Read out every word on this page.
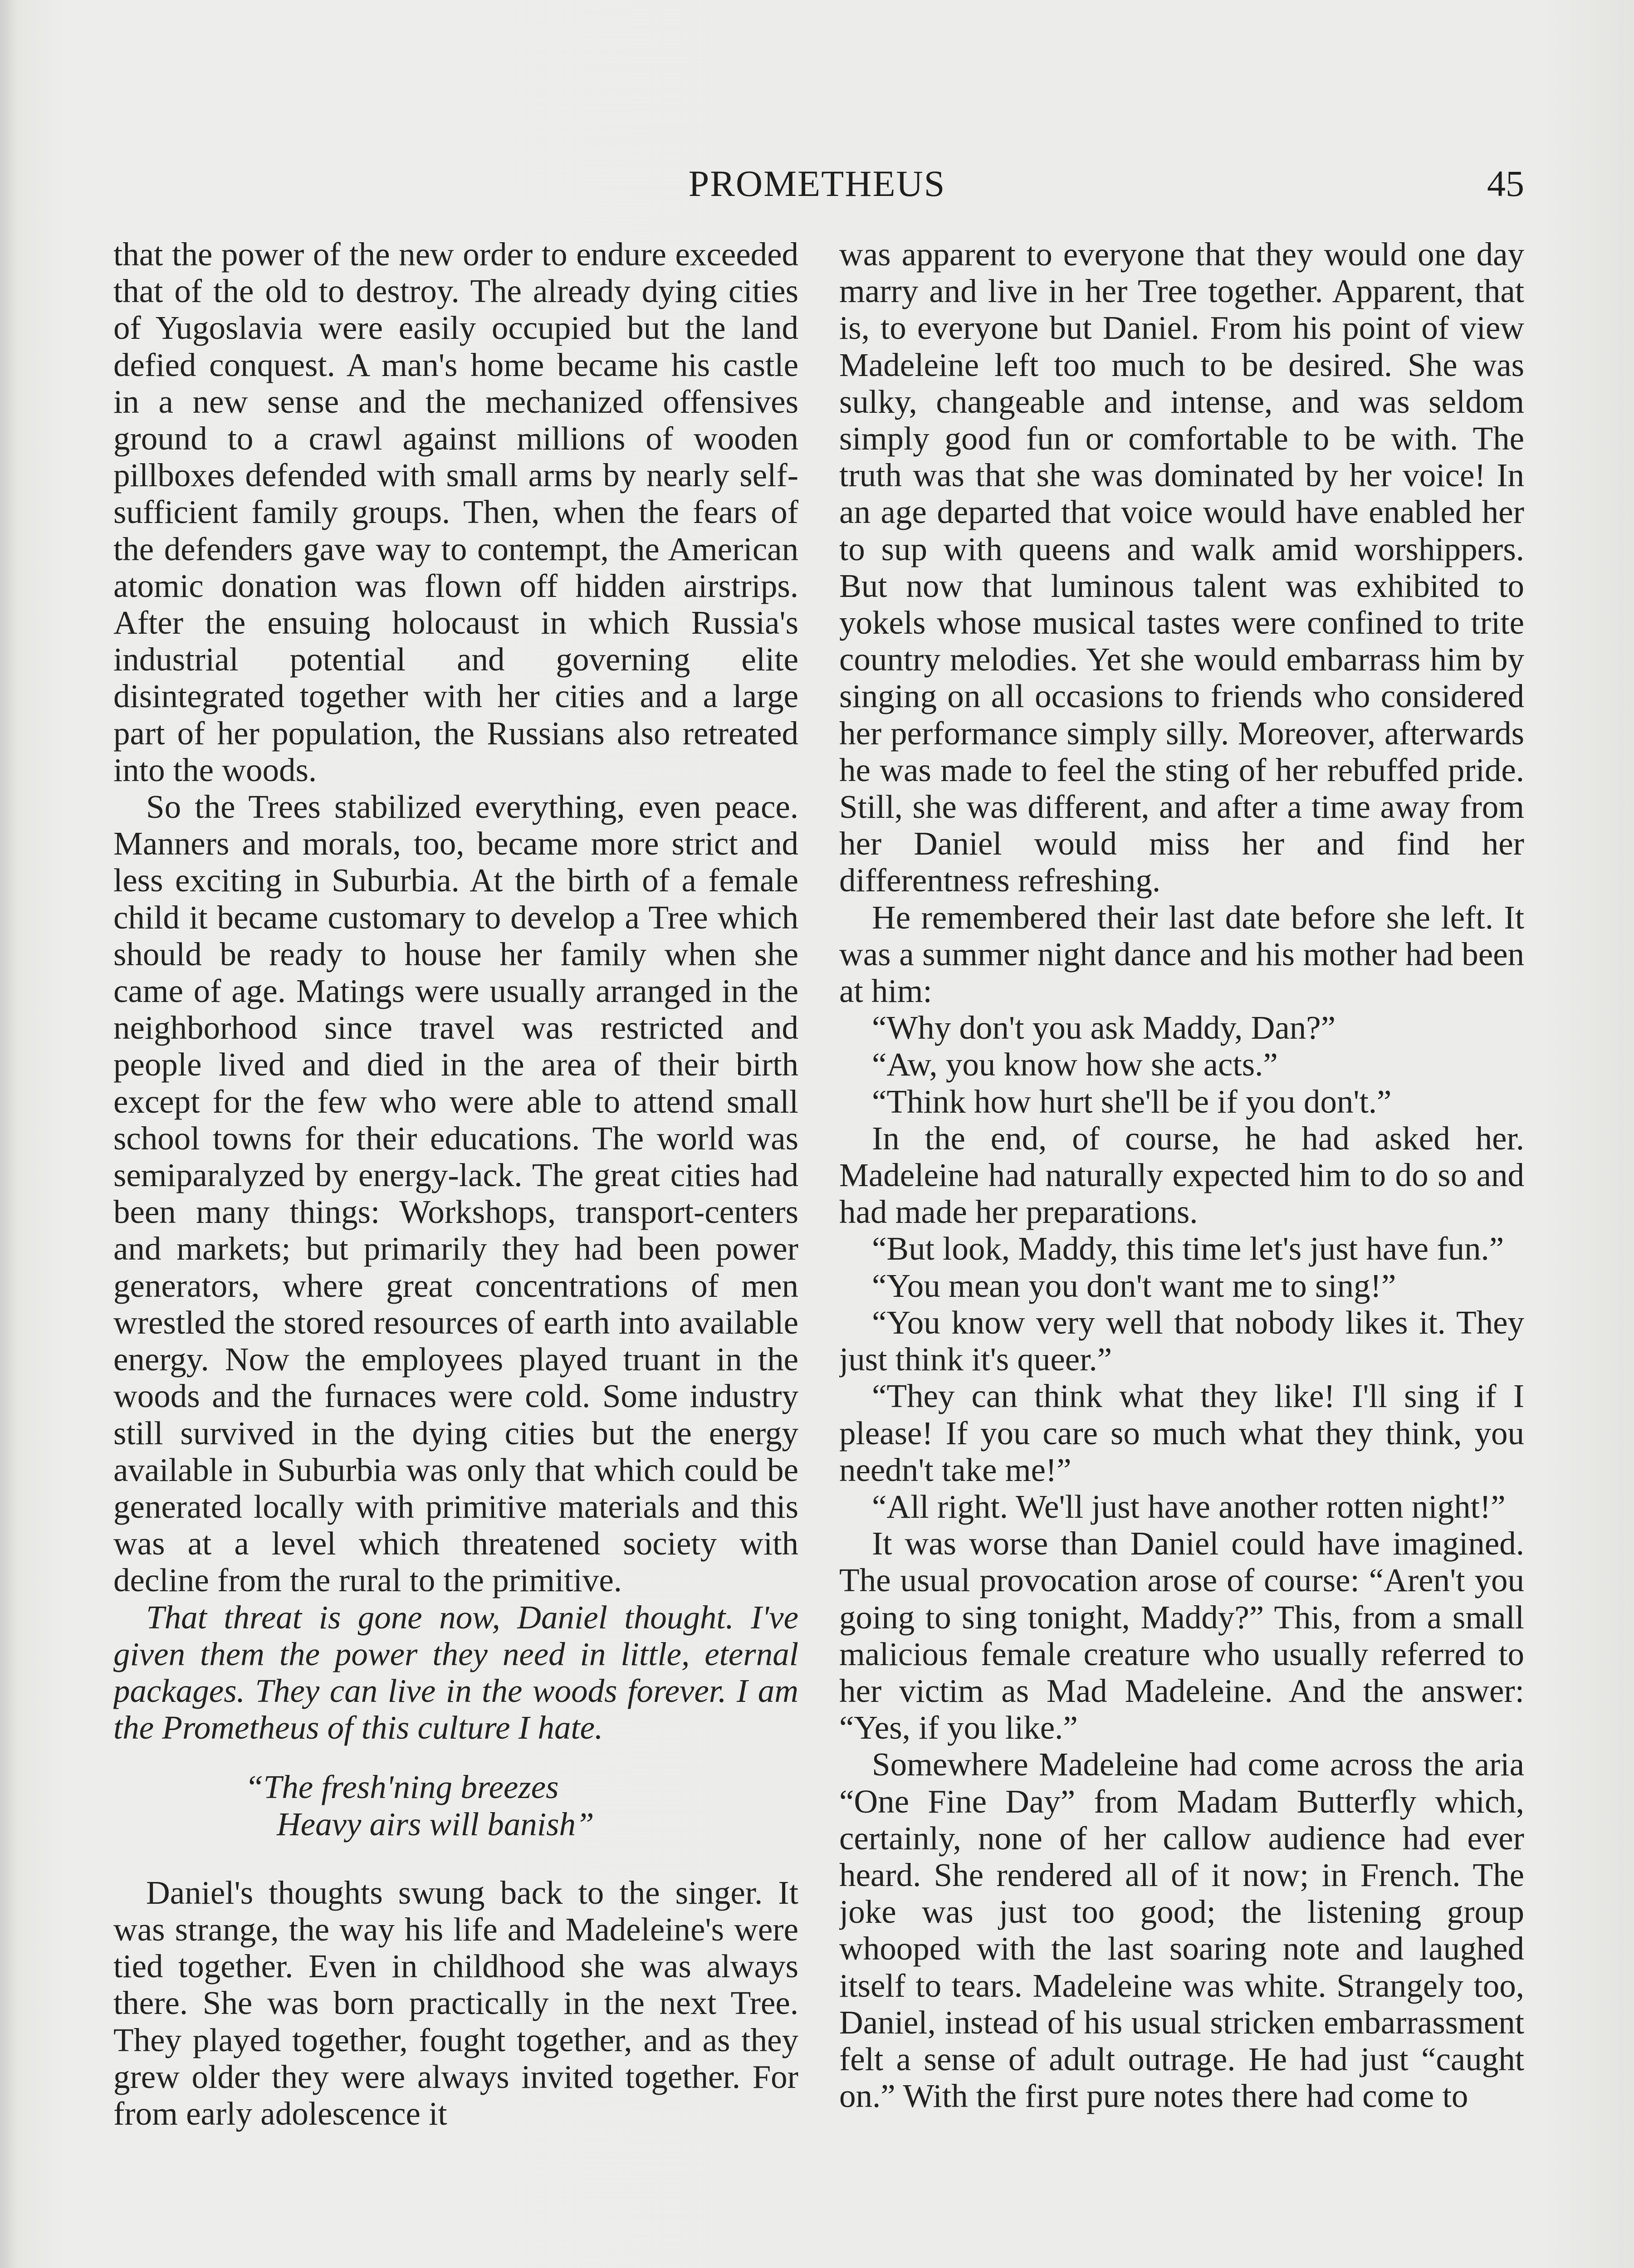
PROMETHEUS	45

that the power of the new order to endure exceeded that of the old to destroy. The already dying cities of Yugoslavia were easily occupied but the land defied conquest. A man's home became his castle in a new sense and the mechanized offensives ground to a crawl against millions of wooden pillboxes defended with small arms by nearly self-sufficient family groups. Then, when the fears of the defenders gave way to contempt, the American atomic donation was flown off hidden airstrips. After the ensuing holocaust in which Russia's industrial potential and governing elite disintegrated together with her cities and a large part of her population, the Russians also retreated into the woods.

So the Trees stabilized everything, even peace. Manners and morals, too, became more strict and less exciting in Suburbia. At the birth of a female child it became customary to develop a Tree which should be ready to house her family when she came of age. Matings were usually arranged in the neighborhood since travel was restricted and people lived and died in the area of their birth except for the few who were able to attend small school towns for their educations. The world was semiparalyzed by energy-lack. The great cities had been many things: Workshops, transport-centers and markets; but primarily they had been power generators, where great concentrations of men wrestled the stored resources of earth into available energy. Now the employees played truant in the woods and the furnaces were cold. Some industry still survived in the dying cities but the energy available in Suburbia was only that which could be generated locally with primitive materials and this was at a level which threatened society with decline from the rural to the primitive.

That threat is gone now, Daniel thought. I've given them the power they need in little, eternal packages. They can live in the woods forever. I am the Prometheus of this culture I hate.

“The fresh'ning breezes
Heavy airs will banish”

Daniel's thoughts swung back to the singer. It was strange, the way his life and Madeleine's were tied together. Even in childhood she was always there. She was born practically in the next Tree. They played together, fought together, and as they grew older they were always invited together. For from early adolescence it

was apparent to everyone that they would one day marry and live in her Tree together. Apparent, that is, to everyone but Daniel. From his point of view Madeleine left too much to be desired. She was sulky, changeable and intense, and was seldom simply good fun or comfortable to be with. The truth was that she was dominated by her voice! In an age departed that voice would have enabled her to sup with queens and walk amid worshippers. But now that luminous talent was exhibited to yokels whose musical tastes were confined to trite country melodies. Yet she would embarrass him by singing on all occasions to friends who considered her performance simply silly. Moreover, afterwards he was made to feel the sting of her rebuffed pride. Still, she was different, and after a time away from her Daniel would miss her and find her differentness refreshing.

He remembered their last date before she left. It was a summer night dance and his mother had been at him:

“Why don't you ask Maddy, Dan?”

“Aw, you know how she acts.”

“Think how hurt she'll be if you don't.”

In the end, of course, he had asked her. Madeleine had naturally expected him to do so and had made her preparations.

“But look, Maddy, this time let's just have fun.”

“You mean you don't want me to sing!”

“You know very well that nobody likes it. They just think it's queer.”

“They can think what they like! I'll sing if I please! If you care so much what they think, you needn't take me!”

“All right. We'll just have another rotten night!”

It was worse than Daniel could have imagined. The usual provocation arose of course: “Aren't you going to sing tonight, Maddy?” This, from a small malicious female creature who usually referred to her victim as Mad Madeleine. And the answer: “Yes, if you like.”

Somewhere Madeleine had come across the aria “One Fine Day” from Madam Butterfly which, certainly, none of her callow audience had ever heard. She rendered all of it now; in French. The joke was just too good; the listening group whooped with the last soaring note and laughed itself to tears. Madeleine was white. Strangely too, Daniel, instead of his usual stricken embarrassment felt a sense of adult outrage. He had just “caught on.” With the first pure notes there had come to
